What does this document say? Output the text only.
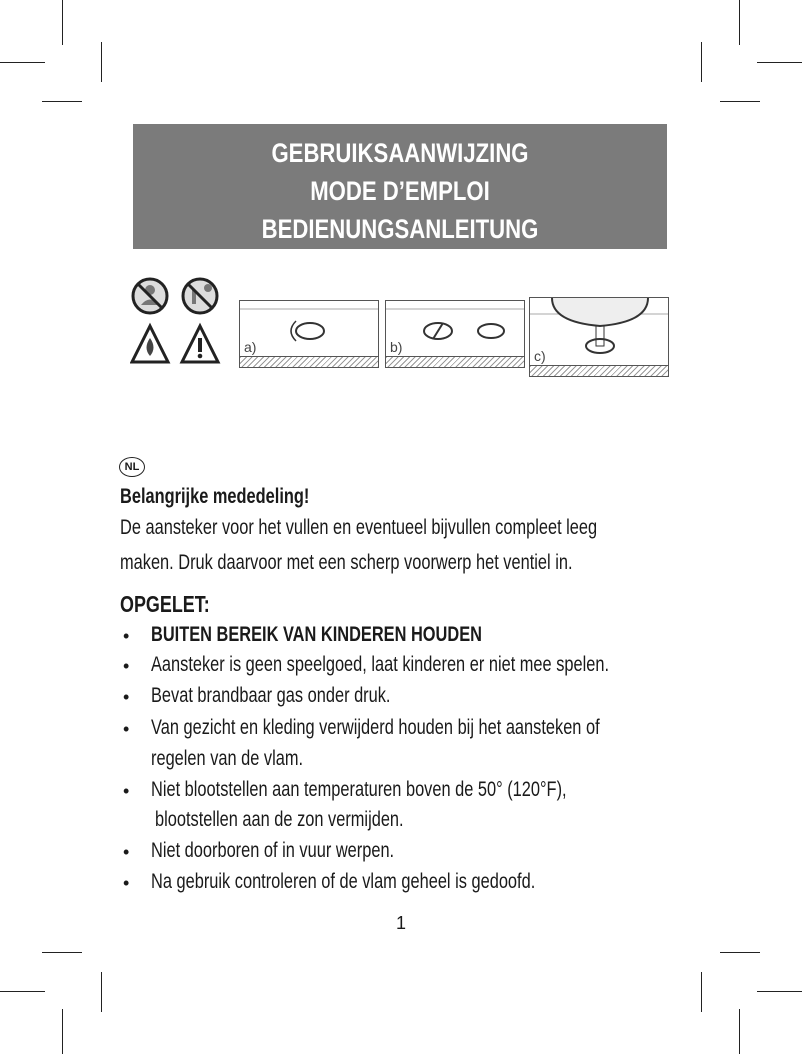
GEBRUIKSAANWIJZING
MODE D’EMPLOI
BEDIENUNGSANLEITUNG
a)	b)
c)
NL
Belangrijke mededeling!
De aansteker voor het vullen en eventueel bijvullen compleet leeg
maken. Druk daarvoor met een scherp voorwerp het ventiel in.
OPGELET:
• BUITEN BEREIK VAN KINDEREN HOUDEN
• Aansteker is geen speelgoed, laat kinderen er niet mee spelen.
• Bevat brandbaar gas onder druk.
• Van gezicht en kleding verwijderd houden bij het aansteken of
regelen van de vlam.
• Niet blootstellen aan temperaturen boven de 50° (120°F),
blootstellen aan de zon vermijden.
• Niet doorboren of in vuur werpen.
• Na gebruik controleren of de vlam geheel is gedoofd.
1
